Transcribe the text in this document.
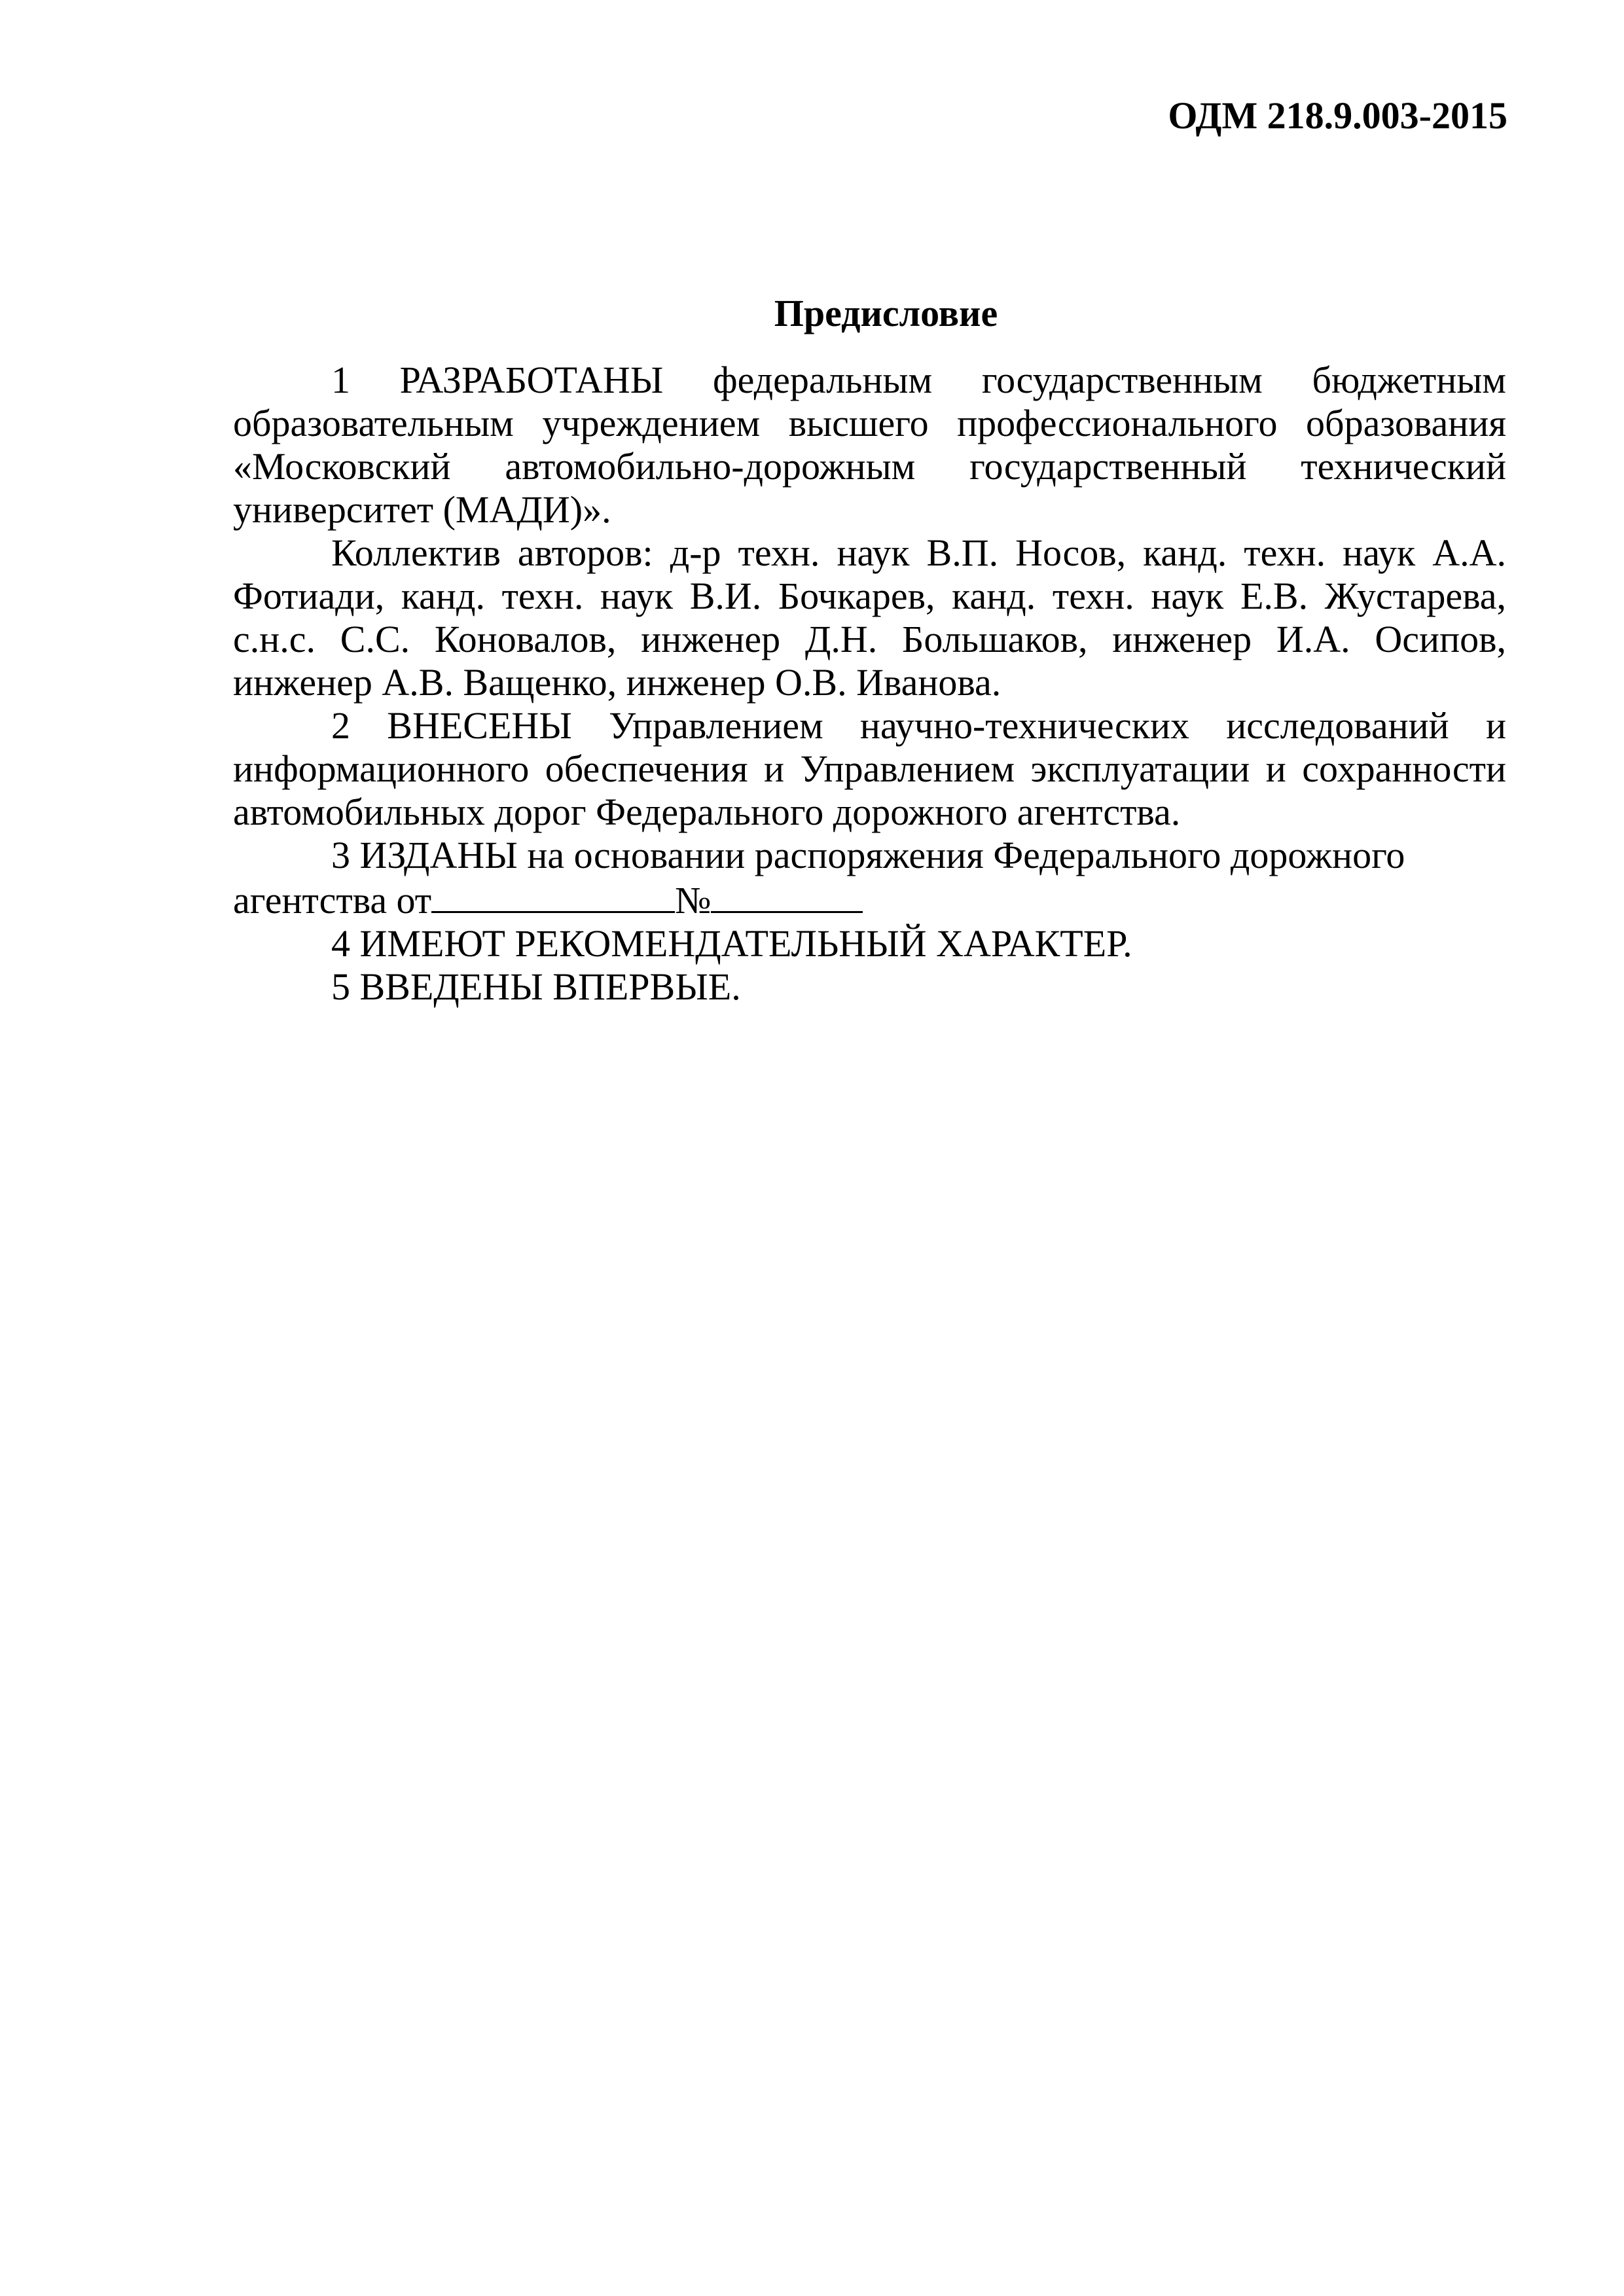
ОДМ 218.9.003-2015
Предисловие

1 РАЗРАБОТАНЫ федеральным государственным бюджетным образовательным учреждением высшего профессионального образования «Московский автомобильно-дорожным государственный технический университет (МАДИ)».

Коллектив авторов: д-р техн. наук В.П. Носов, канд. техн. наук А.А. Фотиади, канд. техн. наук В.И. Бочкарев, канд. техн. наук Е.В. Жустарева, с.н.с. С.С. Коновалов, инженер Д.Н. Большаков, инженер И.А. Осипов, инженер А.В. Ващенко, инженер О.В. Иванова.

2 ВНЕСЕНЫ Управлением научно-технических исследований и информационного обеспечения и Управлением эксплуатации и сохранности автомобильных дорог Федерального дорожного агентства.

3 ИЗДАНЫ на основании распоряжения Федерального дорожного агентства от	№

4 ИМЕЮТ РЕКОМЕНДАТЕЛЬНЫЙ ХАРАКТЕР.

5 ВВЕДЕНЫ ВПЕРВЫЕ.
